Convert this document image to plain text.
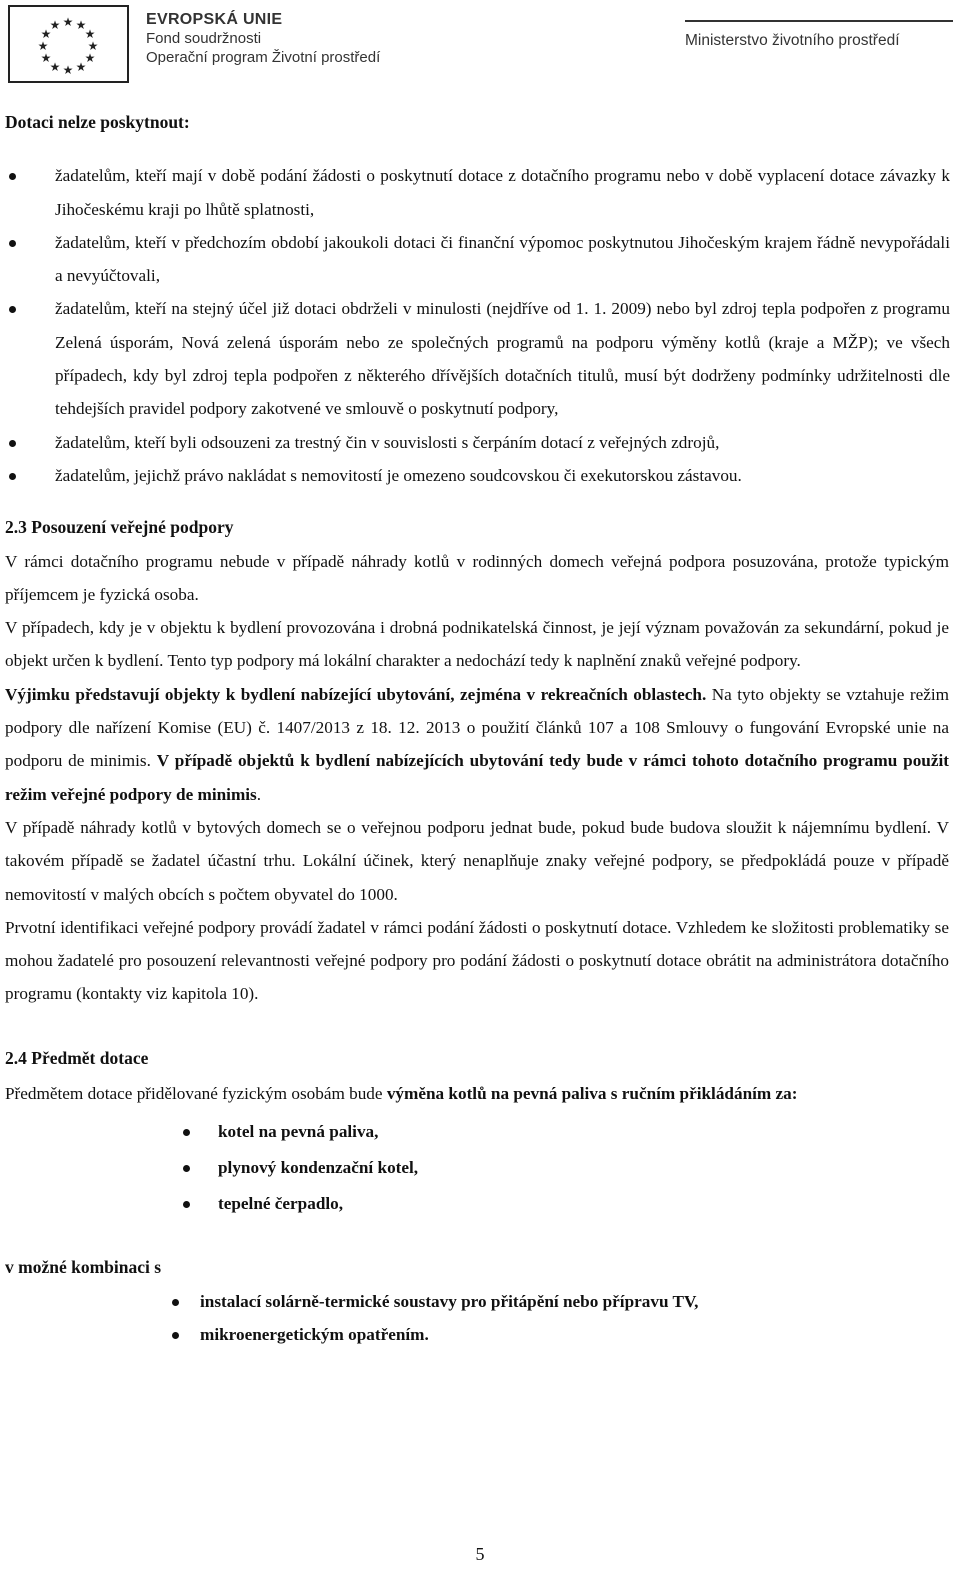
★ ★
★
★
★
★
★
★
★
★
★
★	EVROPSKÁ UNIE
Fond soudržnosti
Operační program Životní prostředí
Ministerstvo životního prostředí

Dotaci nelze poskytnout:

žadatelům, kteří mají v době podání žádosti o poskytnutí dotace z dotačního programu nebo v době vyplacení dotace závazky k Jihočeskému kraji po lhůtě splatnosti,
žadatelům, kteří v předchozím období jakoukoli dotaci či finanční výpomoc poskytnutou Jihočeským krajem řádně nevypořádali a nevyúčtovali,
žadatelům, kteří na stejný účel již dotaci obdrželi v minulosti (nejdříve od 1. 1. 2009) nebo byl zdroj tepla podpořen z programu Zelená úsporám, Nová zelená úsporám nebo ze společných programů na podporu výměny kotlů (kraje a MŽP); ve všech případech, kdy byl zdroj tepla podpořen z některého dřívějších dotačních titulů, musí být dodrženy podmínky udržitelnosti dle tehdejších pravidel podpory zakotvené ve smlouvě o poskytnutí podpory,
žadatelům, kteří byli odsouzeni za trestný čin v souvislosti s čerpáním dotací z veřejných zdrojů,
žadatelům, jejichž právo nakládat s nemovitostí je omezeno soudcovskou či exekutorskou zástavou.

2.3 Posouzení veřejné podpory

V rámci dotačního programu nebude v případě náhrady kotlů v rodinných domech veřejná podpora posuzována, protože typickým příjemcem je fyzická osoba.

V případech, kdy je v objektu k bydlení provozována i drobná podnikatelská činnost, je její význam považován za sekundární, pokud je objekt určen k bydlení. Tento typ podpory má lokální charakter a nedochází tedy k naplnění znaků veřejné podpory.

Výjimku představují objekty k bydlení nabízející ubytování, zejména v rekreačních oblastech. Na tyto objekty se vztahuje režim podpory dle nařízení Komise (EU) č. 1407/2013 z 18. 12. 2013 o použití článků 107 a 108 Smlouvy o fungování Evropské unie na podporu de minimis. V případě objektů k bydlení nabízejících ubytování tedy bude v rámci tohoto dotačního programu použit režim veřejné podpory de minimis.

V případě náhrady kotlů v bytových domech se o veřejnou podporu jednat bude, pokud bude budova sloužit k nájemnímu bydlení. V takovém případě se žadatel účastní trhu. Lokální účinek, který nenaplňuje znaky veřejné podpory, se předpokládá pouze v případě nemovitostí v malých obcích s počtem obyvatel do 1000.

Prvotní identifikaci veřejné podpory provádí žadatel v rámci podání žádosti o poskytnutí dotace. Vzhledem ke složitosti problematiky se mohou žadatelé pro posouzení relevantnosti veřejné podpory pro podání žádosti o poskytnutí dotace obrátit na administrátora dotačního programu (kontakty viz kapitola 10).

2.4 Předmět dotace

Předmětem dotace přidělované fyzickým osobám bude výměna kotlů na pevná paliva s ručním přikládáním za:

kotel na pevná paliva,
plynový kondenzační kotel,
tepelné čerpadlo,

v možné kombinaci s

instalací solárně-termické soustavy pro přitápění nebo přípravu TV,
mikroenergetickým opatřením.
5
